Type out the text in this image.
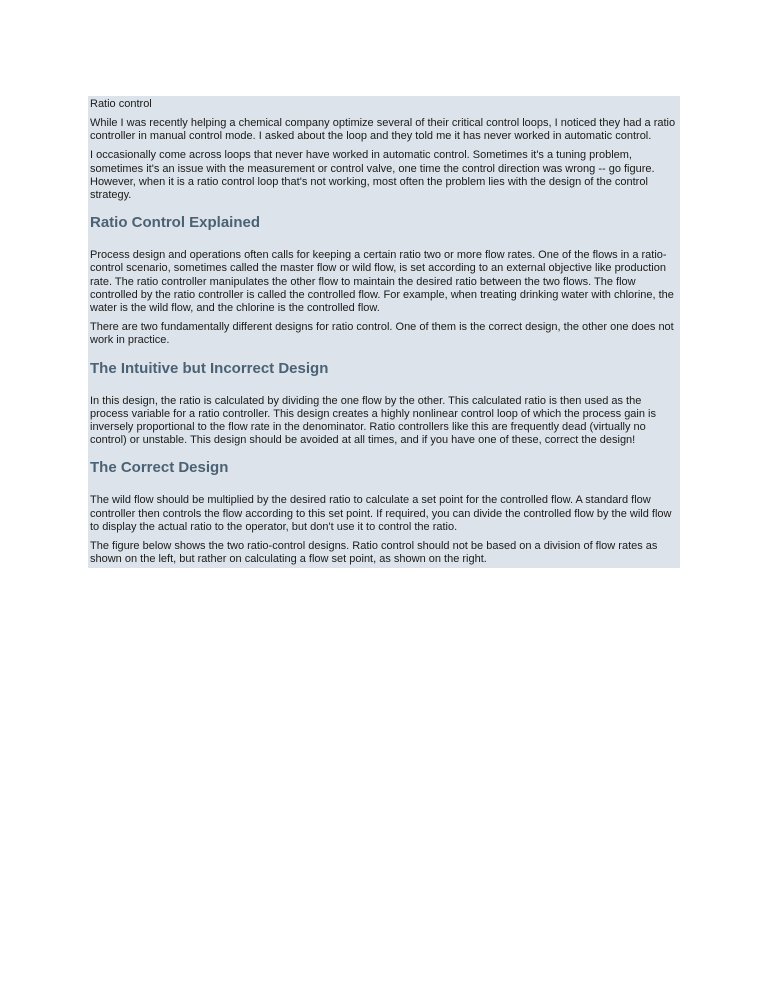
Ratio control

While I was recently helping a chemical company optimize several of their critical control loops, I noticed they had a ratio controller in manual control mode. I asked about the loop and they told me it has never worked in automatic control.

I occasionally come across loops that never have worked in automatic control. Sometimes it's a tuning problem, sometimes it's an issue with the measurement or control valve, one time the control direction was wrong -- go figure. However, when it is a ratio control loop that's not working, most often the problem lies with the design of the control strategy.

Ratio Control Explained

Process design and operations often calls for keeping a certain ratio two or more flow rates. One of the flows in a ratio-control scenario, sometimes called the master flow or wild flow, is set according to an external objective like production rate. The ratio controller manipulates the other flow to maintain the desired ratio between the two flows. The flow controlled by the ratio controller is called the controlled flow. For example, when treating drinking water with chlorine, the water is the wild flow, and the chlorine is the controlled flow.

There are two fundamentally different designs for ratio control. One of them is the correct design, the other one does not work in practice.

The Intuitive but Incorrect Design

In this design, the ratio is calculated by dividing the one flow by the other. This calculated ratio is then used as the process variable for a ratio controller. This design creates a highly nonlinear control loop of which the process gain is inversely proportional to the flow rate in the denominator. Ratio controllers like this are frequently dead (virtually no control) or unstable. This design should be avoided at all times, and if you have one of these, correct the design!

The Correct Design

The wild flow should be multiplied by the desired ratio to calculate a set point for the controlled flow. A standard flow controller then controls the flow according to this set point. If required, you can divide the controlled flow by the wild flow to display the actual ratio to the operator, but don't use it to control the ratio.

The figure below shows the two ratio-control designs. Ratio control should not be based on a division of flow rates as shown on the left, but rather on calculating a flow set point, as shown on the right.
